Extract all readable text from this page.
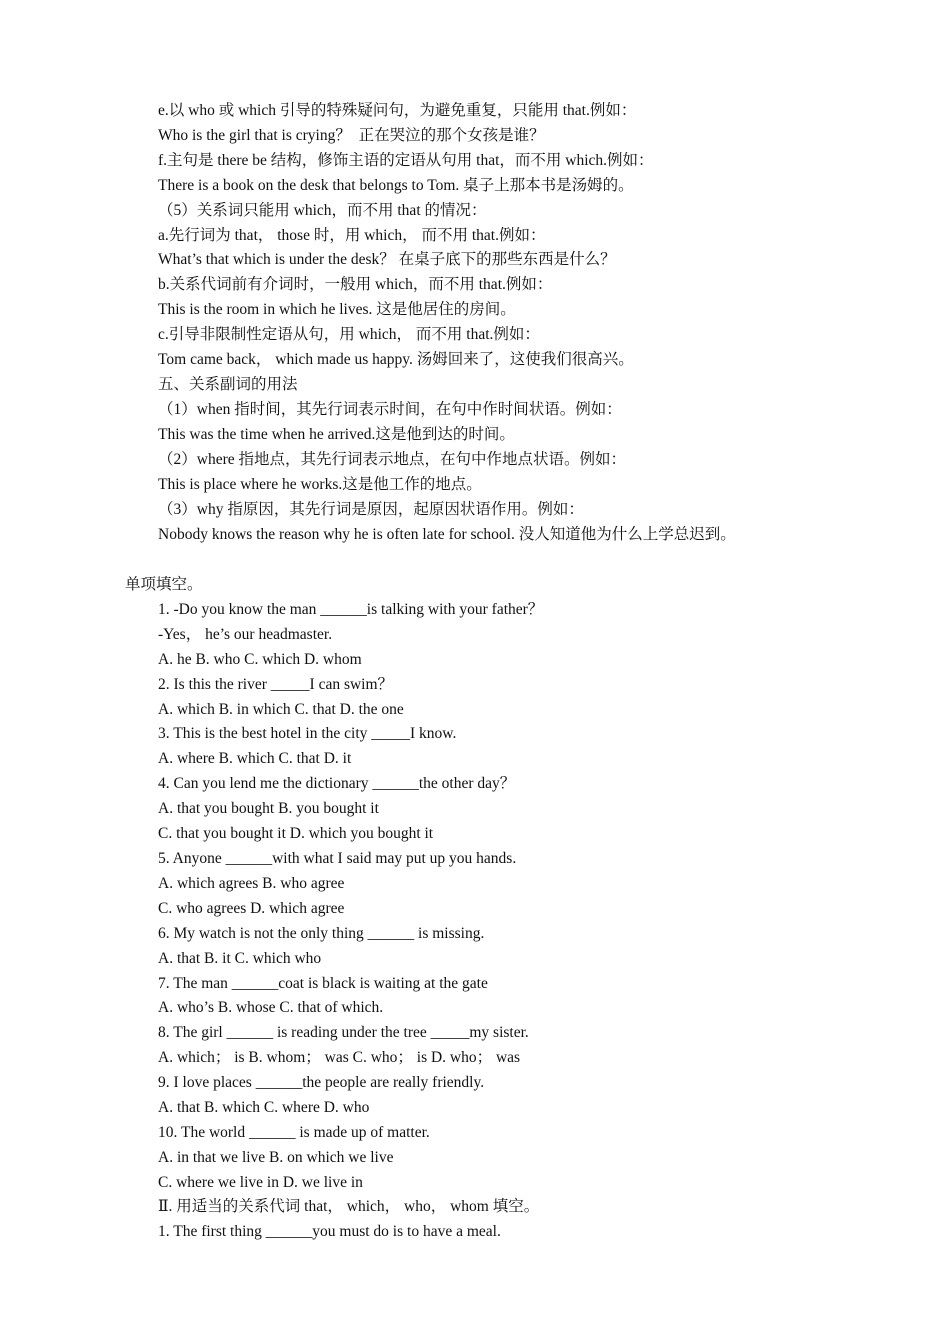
e.以 who 或 which 引导的特殊疑问句，为避免重复，只能用 that.例如：
Who is the girl that is crying？  正在哭泣的那个女孩是谁？
f.主句是 there be 结构，修饰主语的定语从句用 that，而不用 which.例如：
There is a book on the desk that belongs to Tom. 桌子上那本书是汤姆的。
（5）关系词只能用 which，而不用 that 的情况：
a.先行词为 that， those 时，用 which， 而不用 that.例如：
What’s that which is under the desk？ 在桌子底下的那些东西是什么？
b.关系代词前有介词时，一般用 which，而不用 that.例如：
This is the room in which he lives. 这是他居住的房间。
c.引导非限制性定语从句，用 which， 而不用 that.例如：
Tom came back， which made us happy. 汤姆回来了，这使我们很高兴。
五、关系副词的用法
（1）when 指时间，其先行词表示时间，在句中作时间状语。例如：
This was the time when he arrived.这是他到达的时间。
（2）where 指地点，其先行词表示地点，在句中作地点状语。例如：
This is place where he works.这是他工作的地点。
（3）why 指原因，其先行词是原因，起原因状语作用。例如：
Nobody knows the reason why he is often late for school. 没人知道他为什么上学总迟到。
单项填空。
1. -Do you know the man ______is talking with your father？
-Yes， he’s our headmaster.
A. he B. who C. which D. whom
2. Is this the river _____I can swim？
A. which B. in which C. that D. the one
3. This is the best hotel in the city _____I know.
A. where B. which C. that D. it
4. Can you lend me the dictionary ______the other day？
A. that you bought B. you bought it
C. that you bought it D. which you bought it
5. Anyone ______with what I said may put up you hands.
A. which agrees B. who agree
C. who agrees D. which agree
6. My watch is not the only thing ______ is missing.
A. that B. it C. which who
7. The man ______coat is black is waiting at the gate
A. who’s B. whose C. that of which.
8. The girl ______ is reading under the tree _____my sister.
A. which； is B. whom； was C. who； is D. who； was
9. I love places ______the people are really friendly.
A. that B. which C. where D. who
10. The world ______ is made up of matter.
A. in that we live B. on which we live
C. where we live in D. we live in
Ⅱ. 用适当的关系代词 that， which， who， whom 填空。
1. The first thing ______you must do is to have a meal.
